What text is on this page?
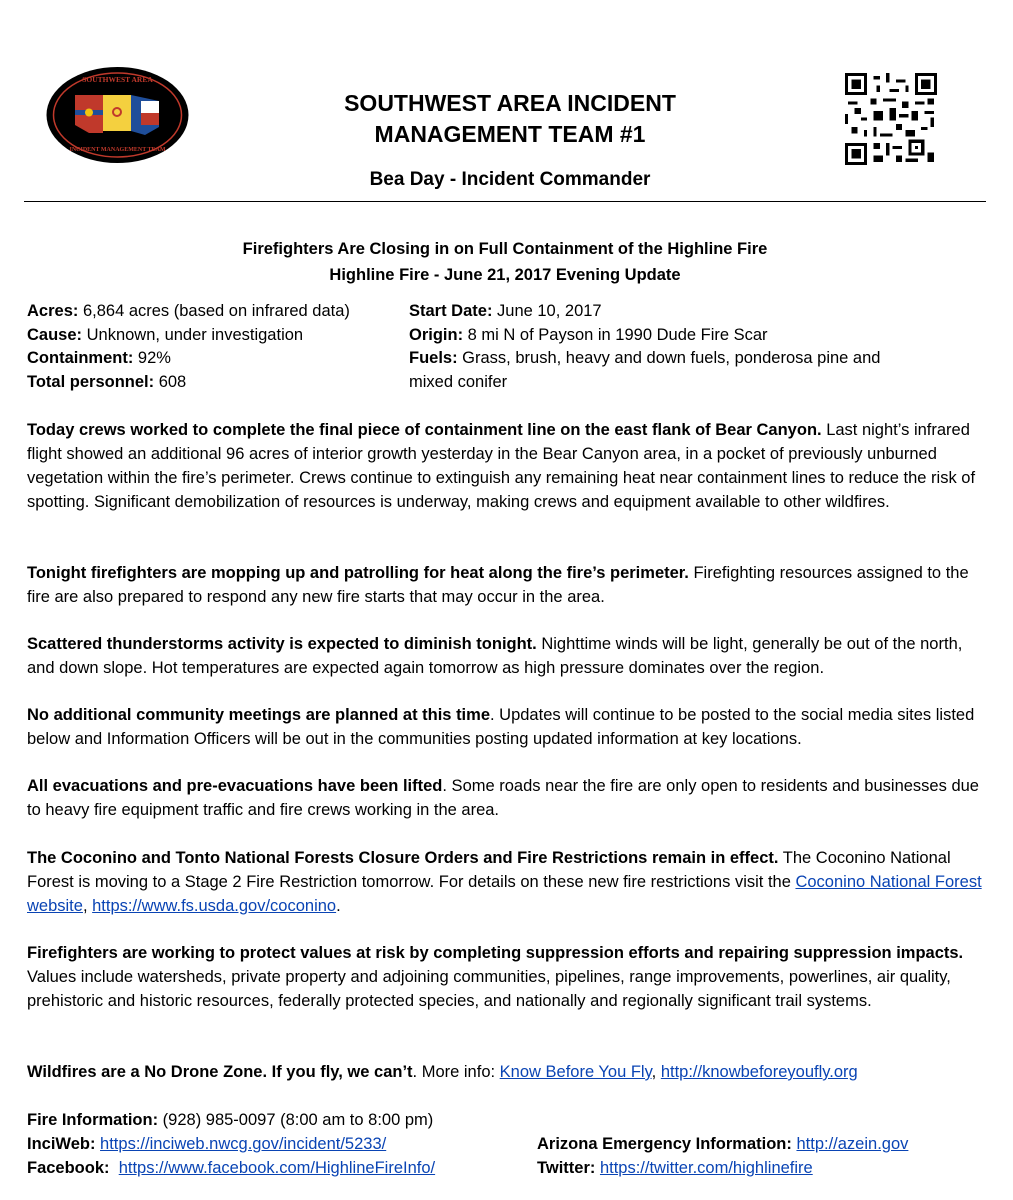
SOUTHWEST AREA
INCIDENT MANAGEMENT TEAM
SOUTHWEST AREA INCIDENT
MANAGEMENT TEAM #1
Bea Day - Incident Commander
Firefighters Are Closing in on Full Containment of the Highline Fire
Highline Fire - June 21, 2017 Evening Update
Acres: 6,864 acres (based on infrared data)
Cause: Unknown, under investigation
Containment: 92%
Total personnel: 608
Start Date: June 10, 2017
Origin: 8 mi N of Payson in 1990 Dude Fire Scar
Fuels: Grass, brush, heavy and down fuels, ponderosa pine and mixed conifer
Today crews worked to complete the final piece of containment line on the east flank of Bear Canyon. Last night’s infrared flight showed an additional 96 acres of interior growth yesterday in the Bear Canyon area, in a pocket of previously unburned vegetation within the fire’s perimeter. Crews continue to extinguish any remaining heat near containment lines to reduce the risk of spotting. Significant demobilization of resources is underway, making crews and equipment available to other wildfires.
Tonight firefighters are mopping up and patrolling for heat along the fire’s perimeter. Firefighting resources assigned to the fire are also prepared to respond any new fire starts that may occur in the area.
Scattered thunderstorms activity is expected to diminish tonight. Nighttime winds will be light, generally be out of the north, and down slope. Hot temperatures are expected again tomorrow as high pressure dominates over the region.
No additional community meetings are planned at this time. Updates will continue to be posted to the social media sites listed below and Information Officers will be out in the communities posting updated information at key locations.
All evacuations and pre-evacuations have been lifted. Some roads near the fire are only open to residents and businesses due to heavy fire equipment traffic and fire crews working in the area.
The Coconino and Tonto National Forests Closure Orders and Fire Restrictions remain in effect. The Coconino National Forest is moving to a Stage 2 Fire Restriction tomorrow. For details on these new fire restrictions visit the Coconino National Forest website, https://www.fs.usda.gov/coconino.
Firefighters are working to protect values at risk by completing suppression efforts and repairing suppression impacts. Values include watersheds, private property and adjoining communities, pipelines, range improvements, powerlines, air quality, prehistoric and historic resources, federally protected species, and nationally and regionally significant trail systems.
Wildfires are a No Drone Zone. If you fly, we can’t. More info: Know Before You Fly, http://knowbeforeyoufly.org
Fire Information: (928) 985-0097 (8:00 am to 8:00 pm)
InciWeb: https://inciweb.nwcg.gov/incident/5233/	Arizona Emergency Information: http://azein.gov
Facebook: https://www.facebook.com/HighlineFireInfo/	Twitter: https://twitter.com/highlinefire
